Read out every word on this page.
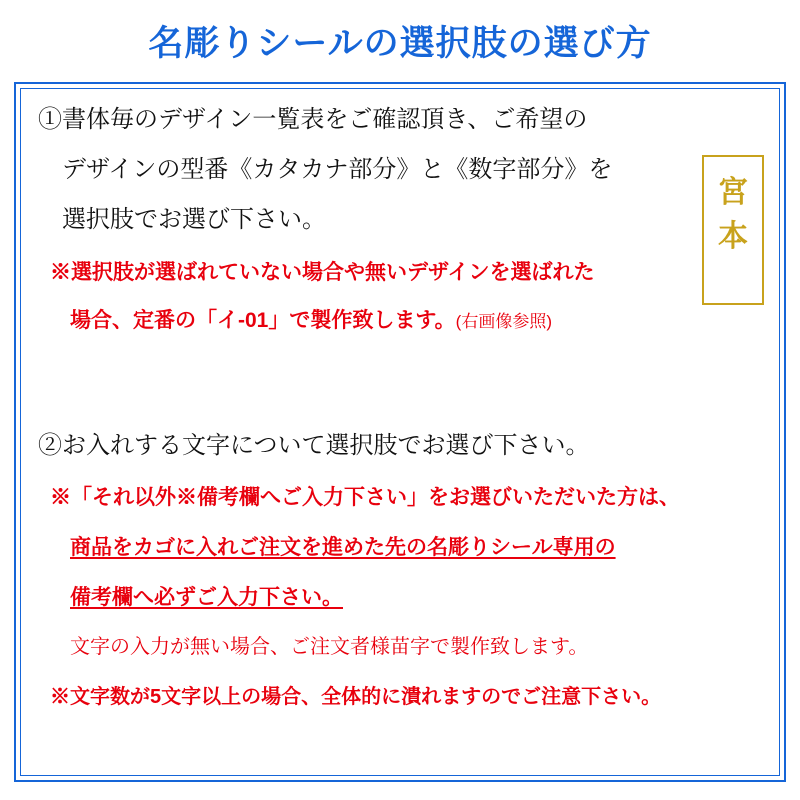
名彫りシールの選択肢の選び方
①書体毎のデザイン一覧表をご確認頂き、ご希望の
デザインの型番《カタカナ部分》と《数字部分》を
選択肢でお選び下さい。
※選択肢が選ばれていない場合や無いデザインを選ばれた
場合、定番の「イ-01」で製作致します。(右画像参照)
②お入れする文字について選択肢でお選び下さい。
※「それ以外※備考欄へご入力下さい」をお選びいただいた方は、
商品をカゴに入れご注文を進めた先の名彫りシール専用の
備考欄へ必ずご入力下さい。
文字の入力が無い場合、ご注文者様苗字で製作致します。
※文字数が5文字以上の場合、全体的に潰れますのでご注意下さい。
宮本
